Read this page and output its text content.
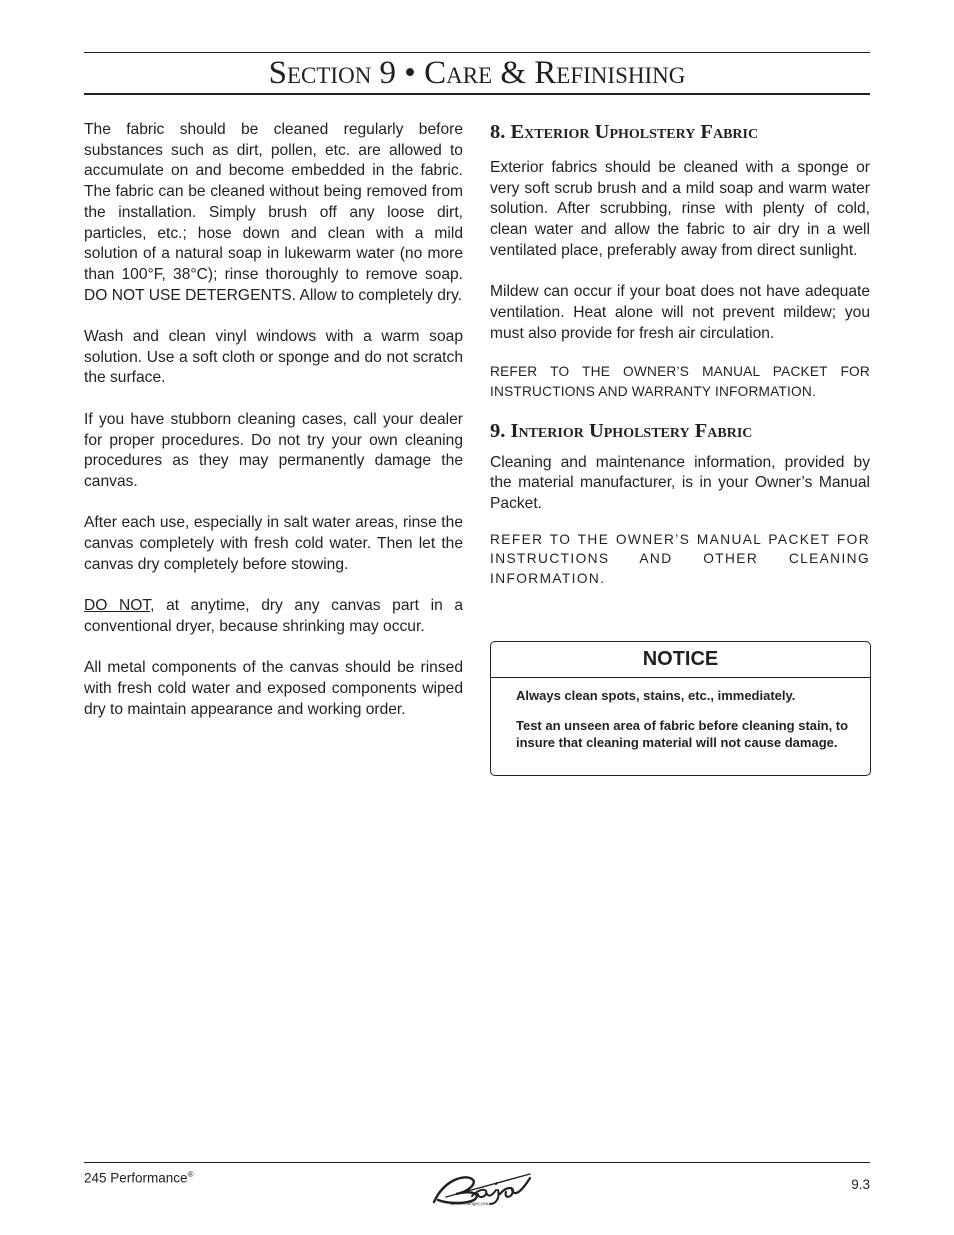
Section 9 • Care & Refinishing

The fabric should be cleaned regularly before substances such as dirt, pollen, etc. are allowed to accumulate on and become embedded in the fabric. The fabric can be cleaned without being removed from the installation. Simply brush off any loose dirt, particles, etc.; hose down and clean with a mild solution of a natural soap in lukewarm water (no more than 100°F, 38°C); rinse thoroughly to remove soap. DO NOT USE DETERGENTS. Allow to completely dry.

Wash and clean vinyl windows with a warm soap solution. Use a soft cloth or sponge and do not scratch the surface.

If you have stubborn cleaning cases, call your dealer for proper procedures. Do not try your own cleaning procedures as they may permanently damage the canvas.

After each use, especially in salt water areas, rinse the canvas completely with fresh cold water. Then let the canvas dry completely before stowing.

DO NOT, at anytime, dry any canvas part in a conventional dryer, because shrinking may occur.

All metal components of the canvas should be rinsed with fresh cold water and exposed components wiped dry to maintain appearance and working order.

8. Exterior Upholstery Fabric

Exterior fabrics should be cleaned with a sponge or very soft scrub brush and a mild soap and warm water solution. After scrubbing, rinse with plenty of cold, clean water and allow the fabric to air dry in a well ventilated place, preferably away from direct sunlight.

Mildew can occur if your boat does not have adequate ventilation. Heat alone will not prevent mildew; you must also provide for fresh air circulation.

REFER TO THE OWNER’S MANUAL PACKET FOR INSTRUCTIONS AND WARRANTY INFORMATION.

9. Interior Upholstery Fabric

Cleaning and maintenance information, provided by the material manufacturer, is in your Owner’s Manual Packet.

REFER TO THE OWNER’S MANUAL PACKET FOR INSTRUCTIONS AND OTHER CLEANING INFORMATION.

NOTICE

Always clean spots, stains, etc., immediately.

Test an unseen area of fabric before cleaning stain, to insure that cleaning material will not cause damage.

245 Performance®
Speed changes you.
9.3
